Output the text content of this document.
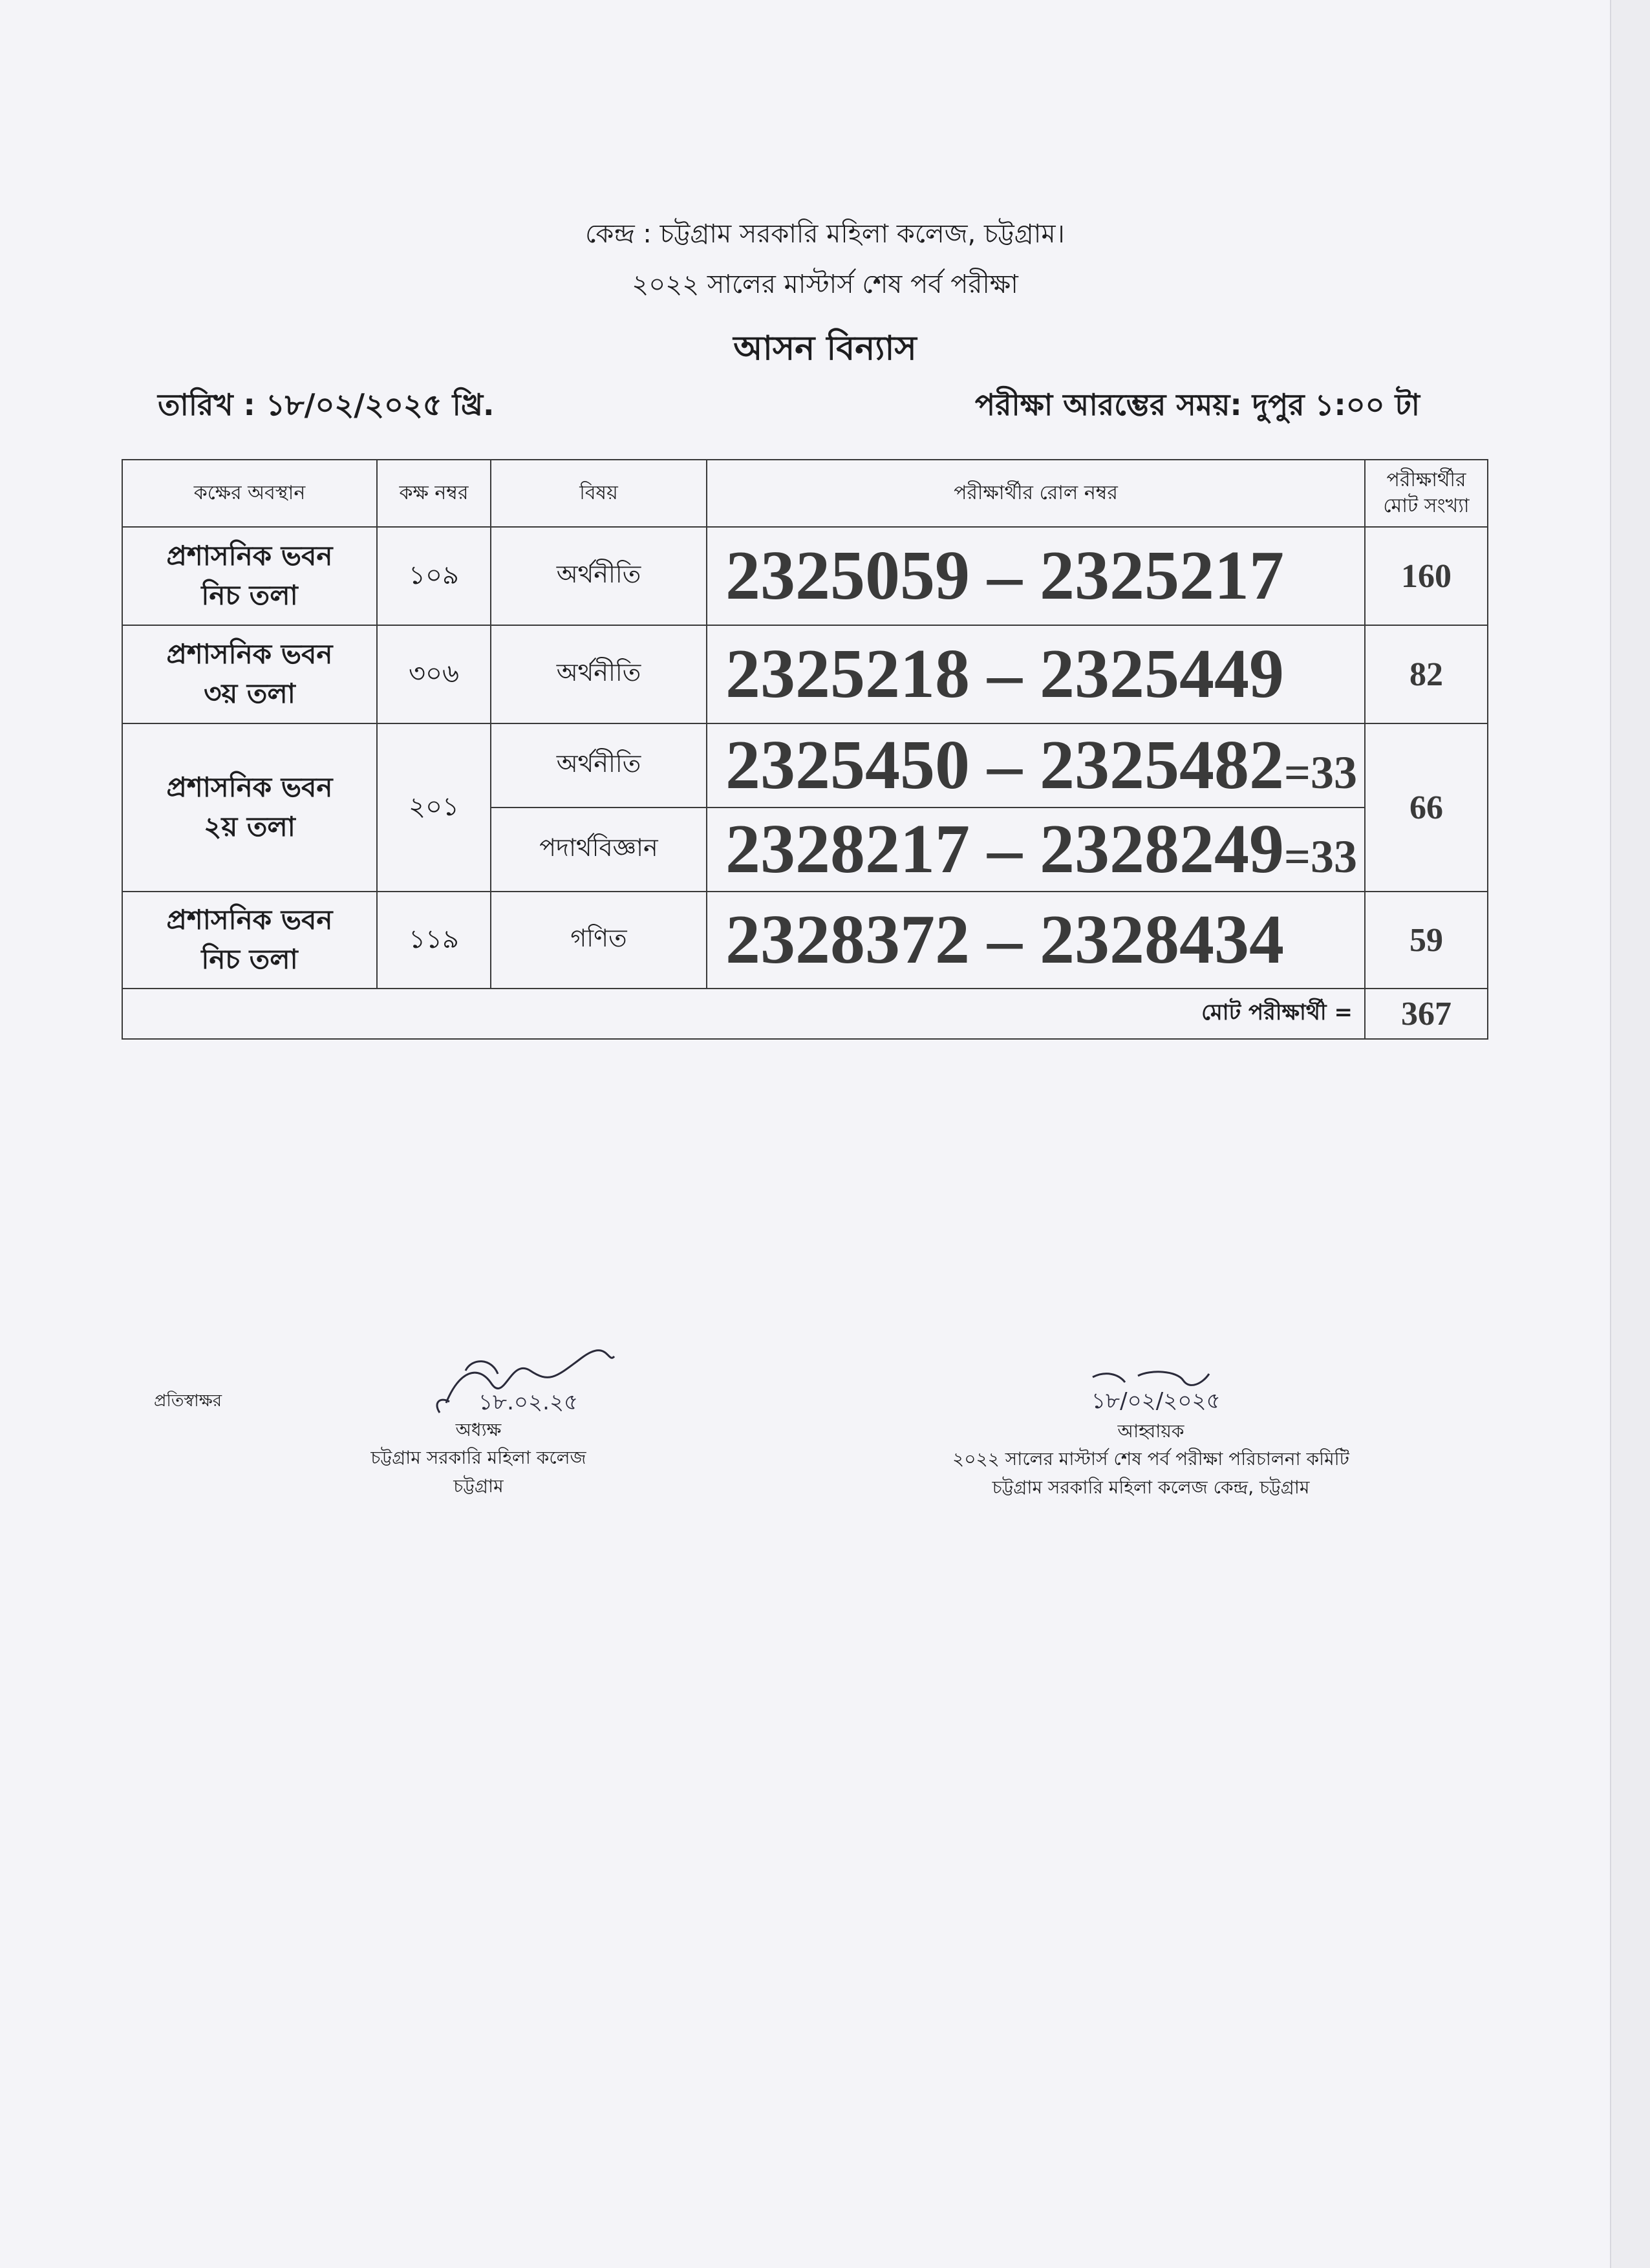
কেন্দ্র : চট্টগ্রাম সরকারি মহিলা কলেজ, চট্টগ্রাম।
২০২২ সালের মাস্টার্স শেষ পর্ব পরীক্ষা
আসন বিন্যাস
তারিখ : ১৮/০২/২০২৫ খ্রি.	পরীক্ষা আরম্ভের সময়: দুপুর ১:০০ টা
কক্ষের অবস্থান	কক্ষ নম্বর	বিষয়	পরীক্ষার্থীর রোল নম্বর	পরীক্ষার্থীর
মোট সংখ্যা

প্রশাসনিক ভবন
নিচ তলা	১০৯	অর্থনীতি	2325059 – 2325217	160

প্রশাসনিক ভবন
৩য় তলা	৩০৬	অর্থনীতি	2325218 – 2325449	82

প্রশাসনিক ভবন
২য় তলা	২০১	অর্থনীতি	2325450 – 2325482=33	66
		পদার্থবিজ্ঞান	2328217 – 2328249=33	

প্রশাসনিক ভবন
নিচ তলা	১১৯	গণিত	2328372 – 2328434	59
মোট পরীক্ষার্থী =				367
প্রতিস্বাক্ষর	১৮.০২.২৫
অধ্যক্ষ
চট্টগ্রাম সরকারি মহিলা কলেজ
চট্টগ্রাম
১৮/০২/২০২৫
আহ্বায়ক
২০২২ সালের মাস্টার্স শেষ পর্ব পরীক্ষা পরিচালনা কমিটি
চট্টগ্রাম সরকারি মহিলা কলেজ কেন্দ্র, চট্টগ্রাম
